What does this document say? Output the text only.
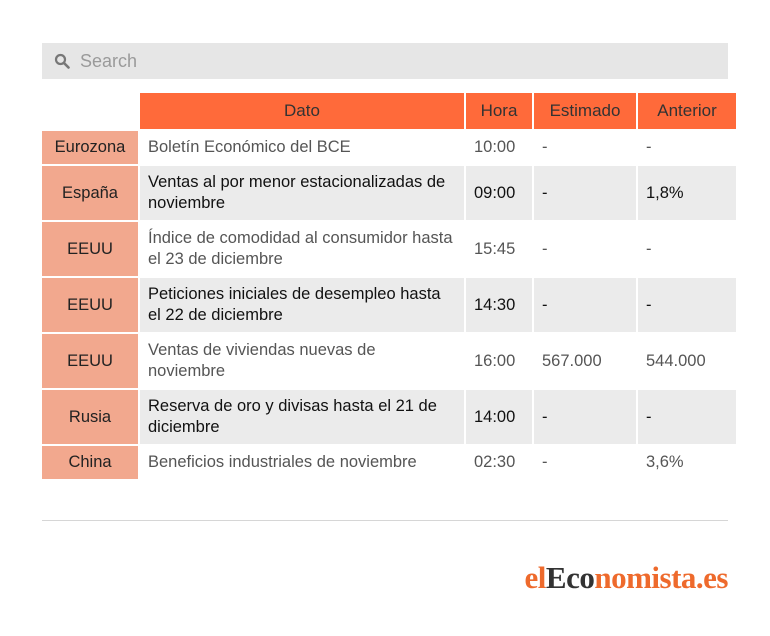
Search
	Dato	Hora	Estimado	Anterior
Eurozona	Boletín Económico del BCE	10:00	-	-
España	Ventas al por menor estacionalizadas de noviembre	09:00	-	1,8%
EEUU	Índice de comodidad al consumidor hasta el 23 de diciembre	15:45	-	-
EEUU	Peticiones iniciales de desempleo hasta el 22 de diciembre	14:30	-	-
EEUU	Ventas de viviendas nuevas de noviembre	16:00	567.000	544.000
Rusia	Reserva de oro y divisas hasta el 21 de diciembre	14:00	-	-
China	Beneficios industriales de noviembre	02:30	-	3,6%
elEconomista.es
